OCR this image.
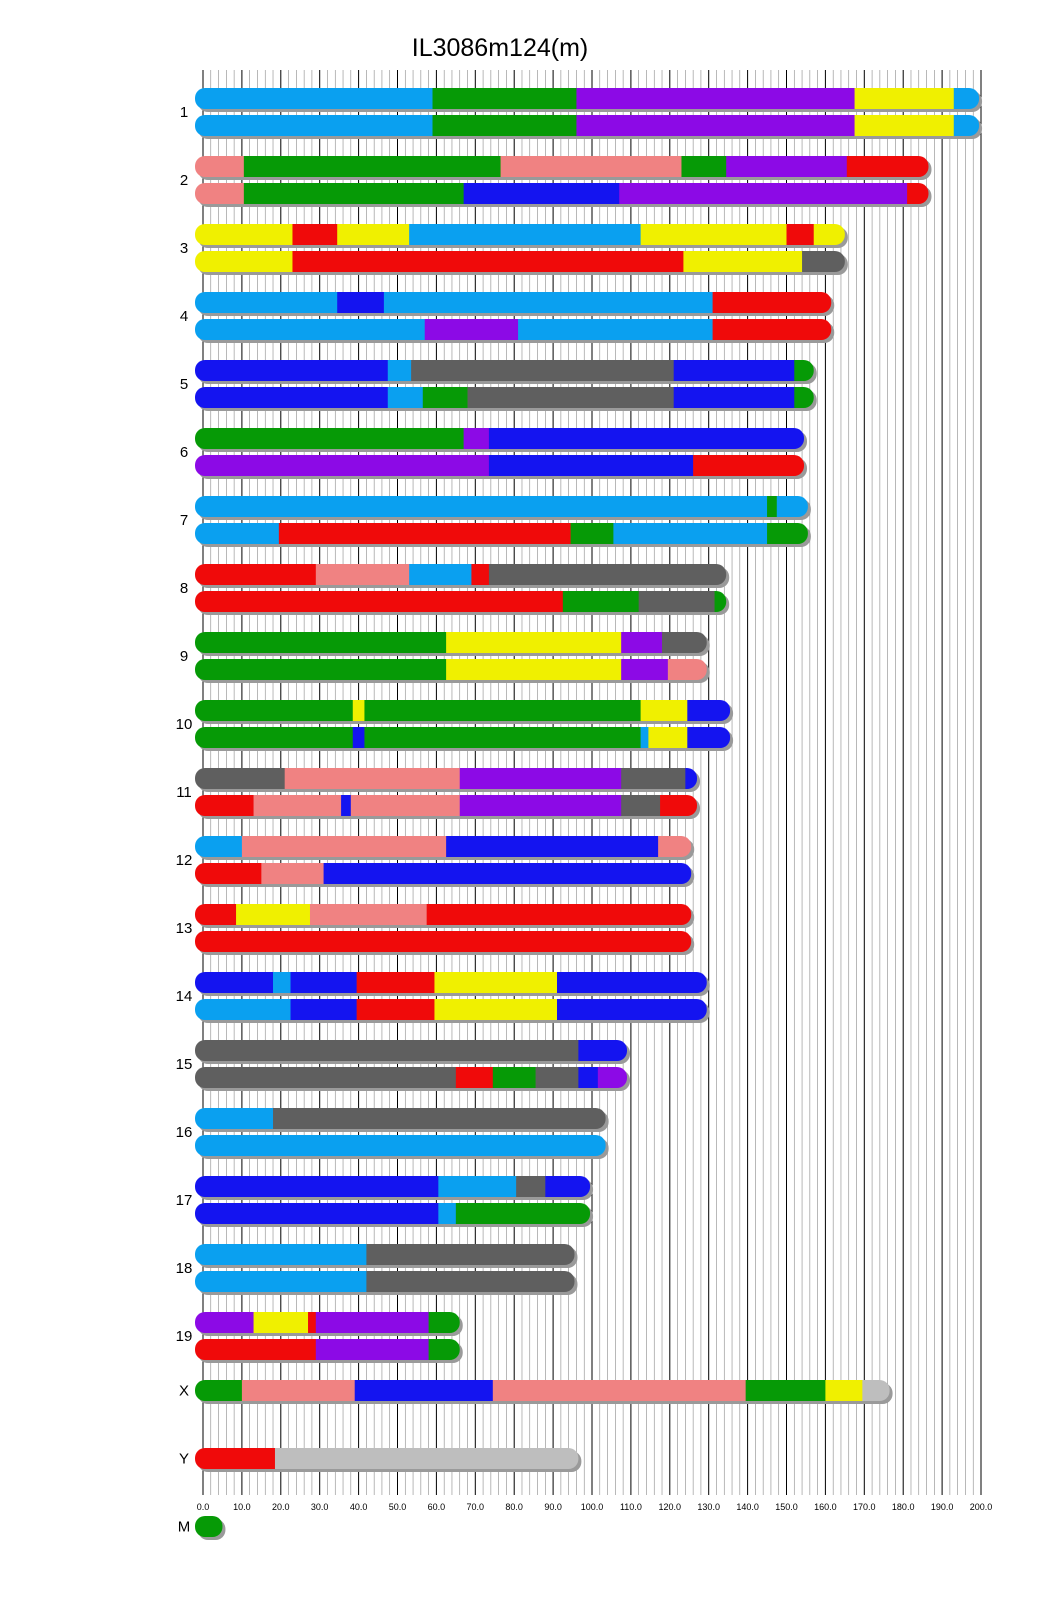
1
2
3
4
5
6
7
8
9
10
11
12
13
14
15
16
17
18
19
X
Y
M
0.0	10.0 20.0 30.0 40.0 50.0 60.0 70.0 80.0 90.0 100.0 110.0 120.0 130.0 140.0 150.0 160.0 170.0 180.0 190.0 200.0
IL3086m124(m)
